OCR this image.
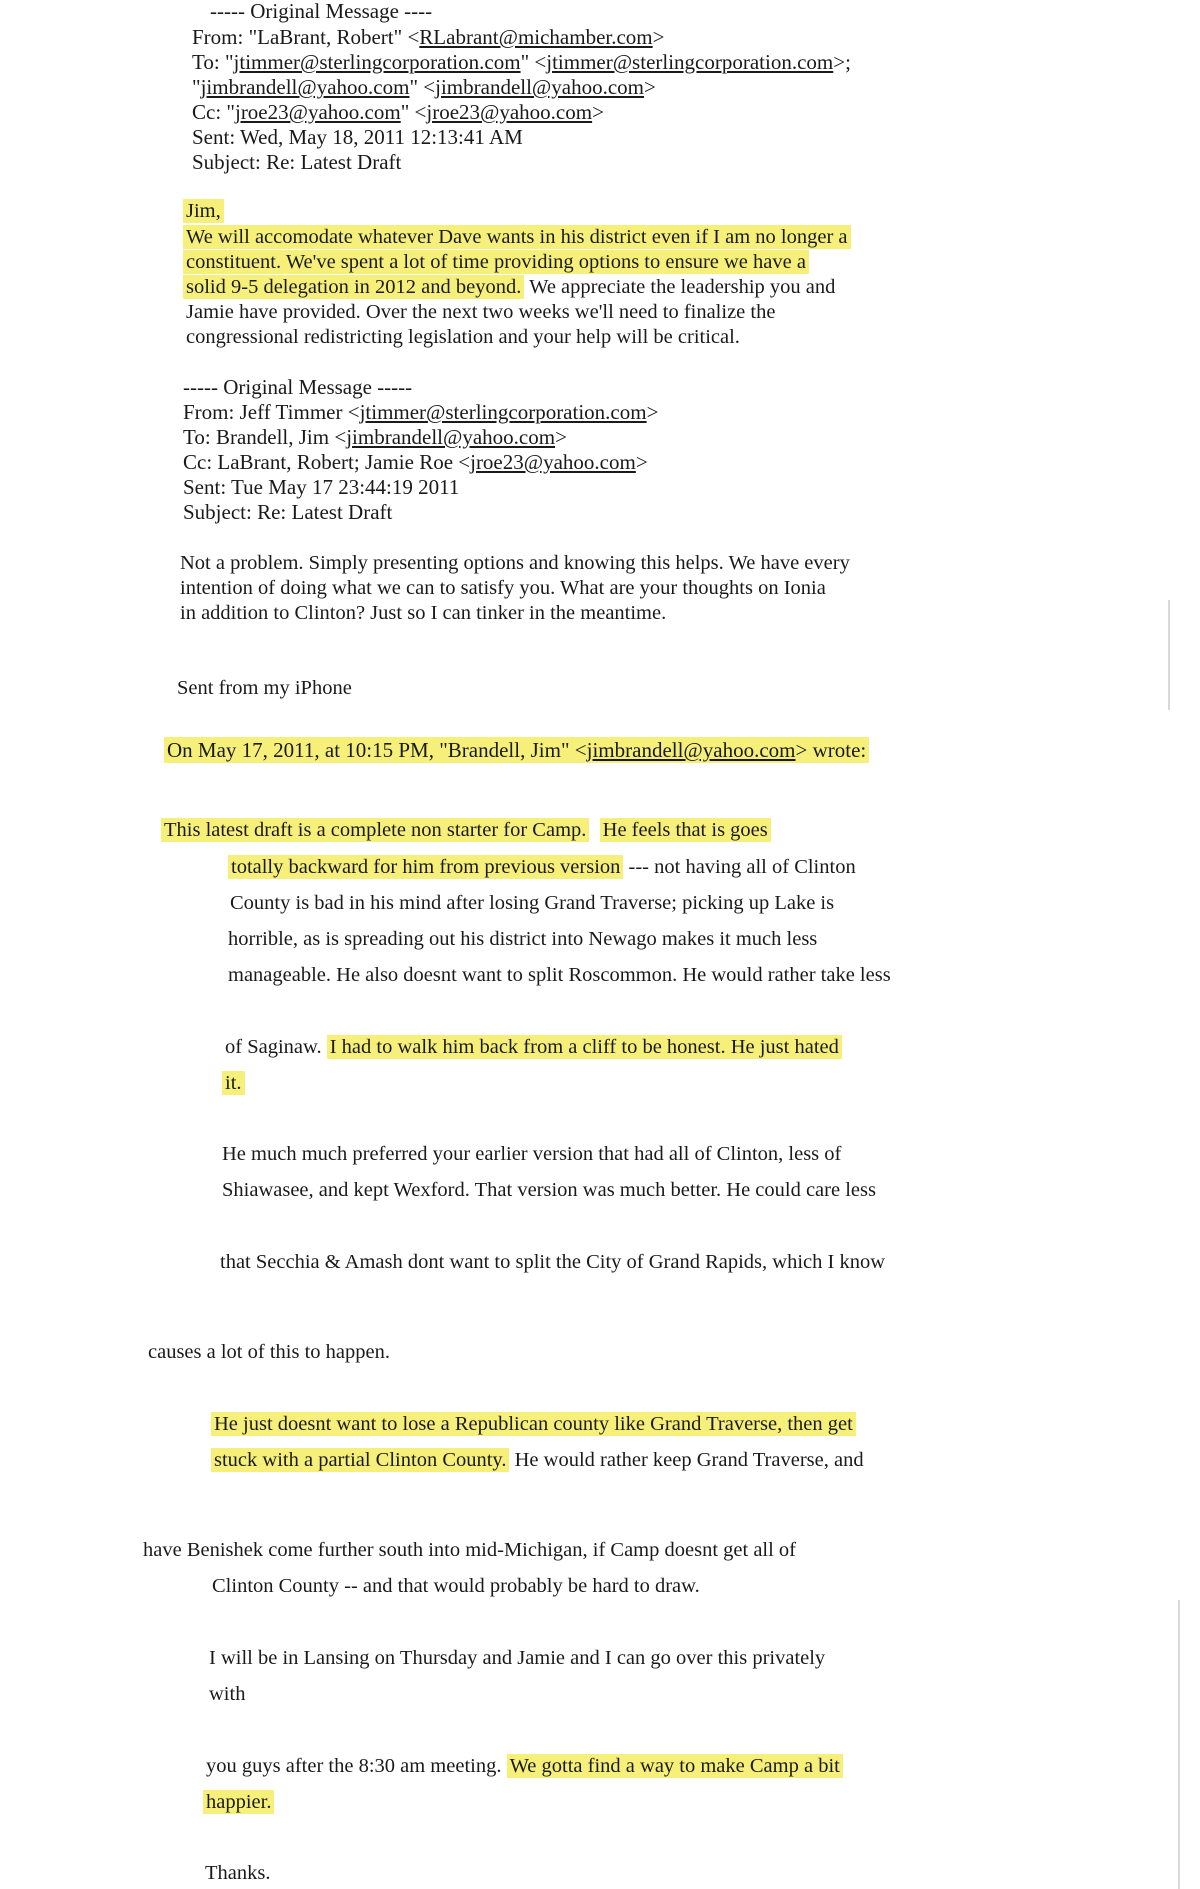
----- Original Message ----
From: "LaBrant, Robert" <RLabrant@michamber.com>
To: "jtimmer@sterlingcorporation.com" <jtimmer@sterlingcorporation.com>;
"jimbrandell@yahoo.com" <jimbrandell@yahoo.com>
Cc: "jroe23@yahoo.com" <jroe23@yahoo.com>
Sent: Wed, May 18, 2011 12:13:41 AM
Subject: Re: Latest Draft
Jim,
We will accomodate whatever Dave wants in his district even if I am no longer a
constituent. We've spent a lot of time providing options to ensure we have a
solid 9-5 delegation in 2012 and beyond. We appreciate the leadership you and
Jamie have provided. Over the next two weeks we'll need to finalize the
congressional redistricting legislation and your help will be critical.
----- Original Message -----
From: Jeff Timmer <jtimmer@sterlingcorporation.com>
To: Brandell, Jim <jimbrandell@yahoo.com>
Cc: LaBrant, Robert; Jamie Roe <jroe23@yahoo.com>
Sent: Tue May 17 23:44:19 2011
Subject: Re: Latest Draft
Not a problem. Simply presenting options and knowing this helps. We have every
intention of doing what we can to satisfy you. What are your thoughts on Ionia
in addition to Clinton? Just so I can tinker in the meantime.
Sent from my iPhone
On May 17, 2011, at 10:15 PM, "Brandell, Jim" <jimbrandell@yahoo.com> wrote:
This latest draft is a complete non starter for Camp. He feels that is goes
totally backward for him from previous version --- not having all of Clinton
County is bad in his mind after losing Grand Traverse; picking up Lake is
horrible, as is spreading out his district into Newago makes it much less
manageable. He also doesnt want to split Roscommon. He would rather take less
of Saginaw. I had to walk him back from a cliff to be honest. He just hated
it.
He much much preferred your earlier version that had all of Clinton, less of
Shiawasee, and kept Wexford. That version was much better. He could care less
that Secchia & Amash dont want to split the City of Grand Rapids, which I know
causes a lot of this to happen.
He just doesnt want to lose a Republican county like Grand Traverse, then get
stuck with a partial Clinton County. He would rather keep Grand Traverse, and
have Benishek come further south into mid-Michigan, if Camp doesnt get all of
Clinton County -- and that would probably be hard to draw.
I will be in Lansing on Thursday and Jamie and I can go over this privately
with
you guys after the 8:30 am meeting. We gotta find a way to make Camp a bit
happier.
Thanks.
